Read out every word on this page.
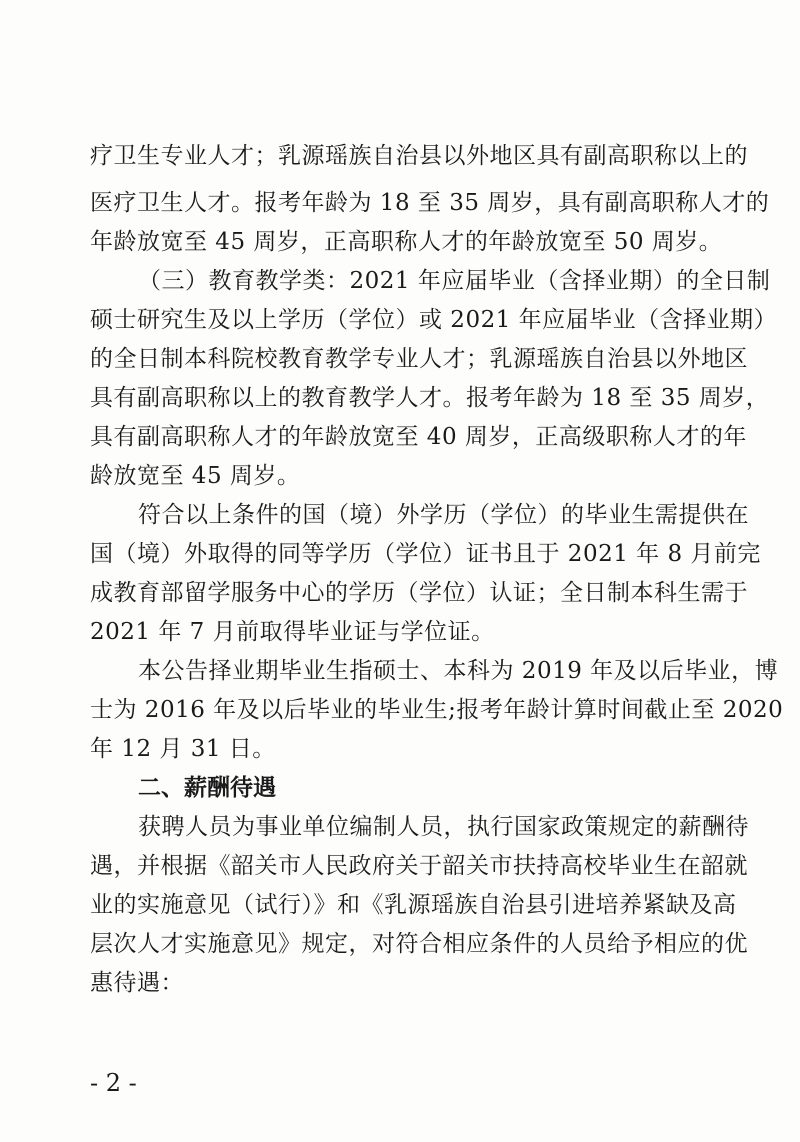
疗卫生专业人才；乳源瑶族自治县以外地区具有副高职称以上的
医疗卫生人才。报考年龄为 18 至 35 周岁，具有副高职称人才的
年龄放宽至 45 周岁，正高职称人才的年龄放宽至 50 周岁。
（三）教育教学类：2021 年应届毕业（含择业期）的全日制
硕士研究生及以上学历（学位）或 2021 年应届毕业（含择业期）
的全日制本科院校教育教学专业人才；乳源瑶族自治县以外地区
具有副高职称以上的教育教学人才。报考年龄为 18 至 35 周岁，
具有副高职称人才的年龄放宽至 40 周岁，正高级职称人才的年
龄放宽至 45 周岁。
符合以上条件的国（境）外学历（学位）的毕业生需提供在
国（境）外取得的同等学历（学位）证书且于 2021 年 8 月前完
成教育部留学服务中心的学历（学位）认证；全日制本科生需于
2021 年 7 月前取得毕业证与学位证。
本公告择业期毕业生指硕士、本科为 2019 年及以后毕业，博
士为 2016 年及以后毕业的毕业生;报考年龄计算时间截止至 2020
年 12 月 31 日。
二、薪酬待遇
获聘人员为事业单位编制人员，执行国家政策规定的薪酬待
遇，并根据《韶关市人民政府关于韶关市扶持高校毕业生在韶就
业的实施意见（试行）》和《乳源瑶族自治县引进培养紧缺及高
层次人才实施意见》规定，对符合相应条件的人员给予相应的优
惠待遇：
- 2 -
